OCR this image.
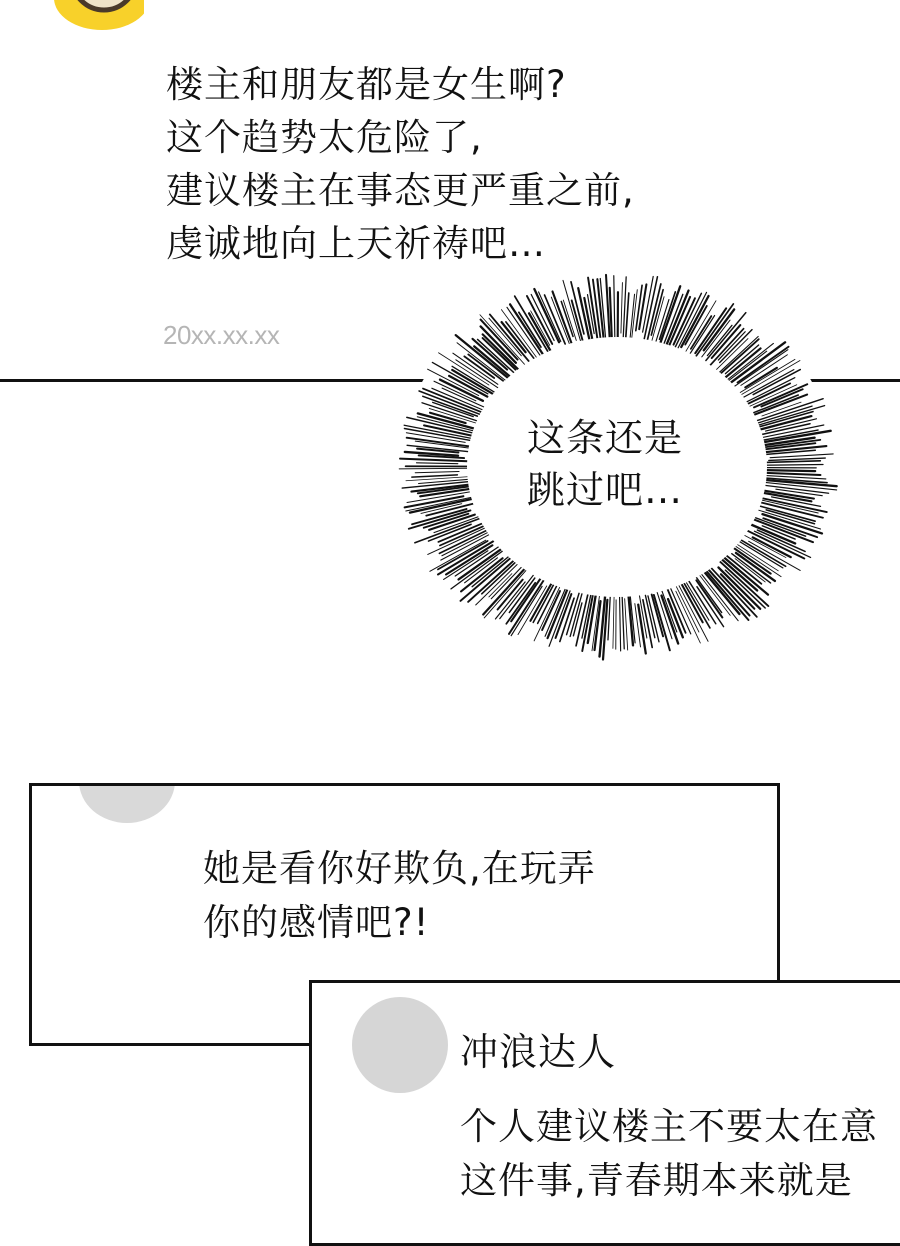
楼主和朋友都是女生啊?
这个趋势太危险了,
建议楼主在事态更严重之前,
虔诚地向上天祈祷吧…
20xx.xx.xx
这条还是
跳过吧…
她是看你好欺负,在玩弄
你的感情吧?!
冲浪达人
个人建议楼主不要太在意
这件事,青春期本来就是
